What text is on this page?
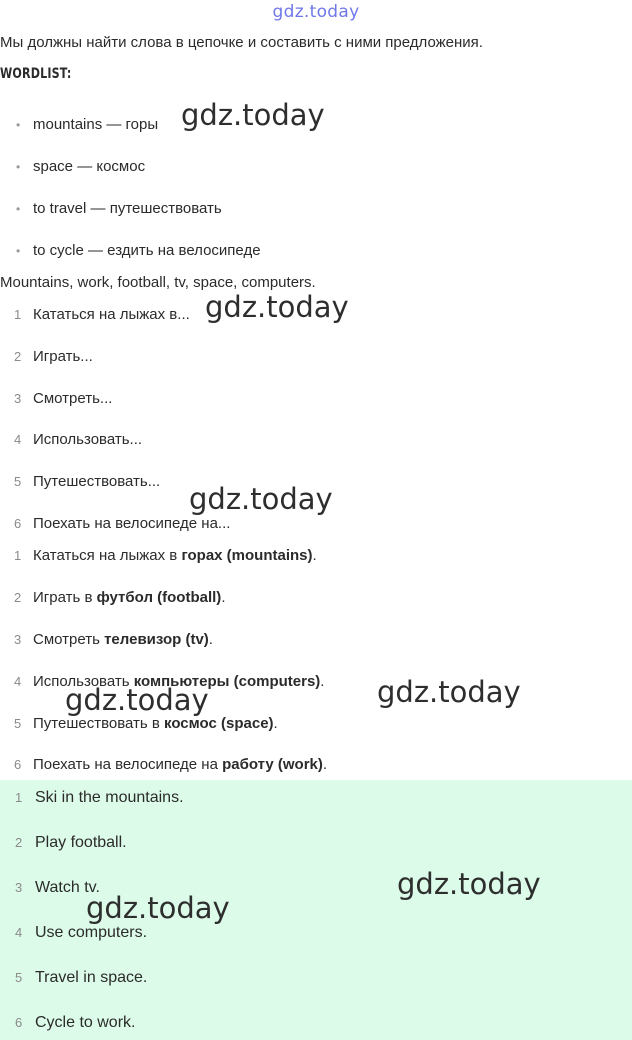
gdz.today
Мы должны найти слова в цепочке и составить с ними предложения.
WORDLIST:
• mountains — горы
• space — космос
• to travel — путешествовать
• to cycle — ездить на велосипеде
Mountains, work, football, tv, space, computers.
1 Кататься на лыжах в...
2 Играть...
3 Смотреть...
4 Использовать...
5 Путешествовать...
6 Поехать на велосипеде на...
1 Кататься на лыжах в горах (mountains).
2 Играть в футбол (football).
3 Смотреть телевизор (tv).
4 Использовать компьютеры (computers).
5 Путешествовать в космос (space).
6 Поехать на велосипеде на работу (work).
1 Ski in the mountains.
2 Play football.
3 Watch tv.
4 Use computers.
5 Travel in space.
6 Cycle to work.
gdz.today
gdz.today
gdz.today
gdz.today	gdz.today
gdz.today
gdz.today
